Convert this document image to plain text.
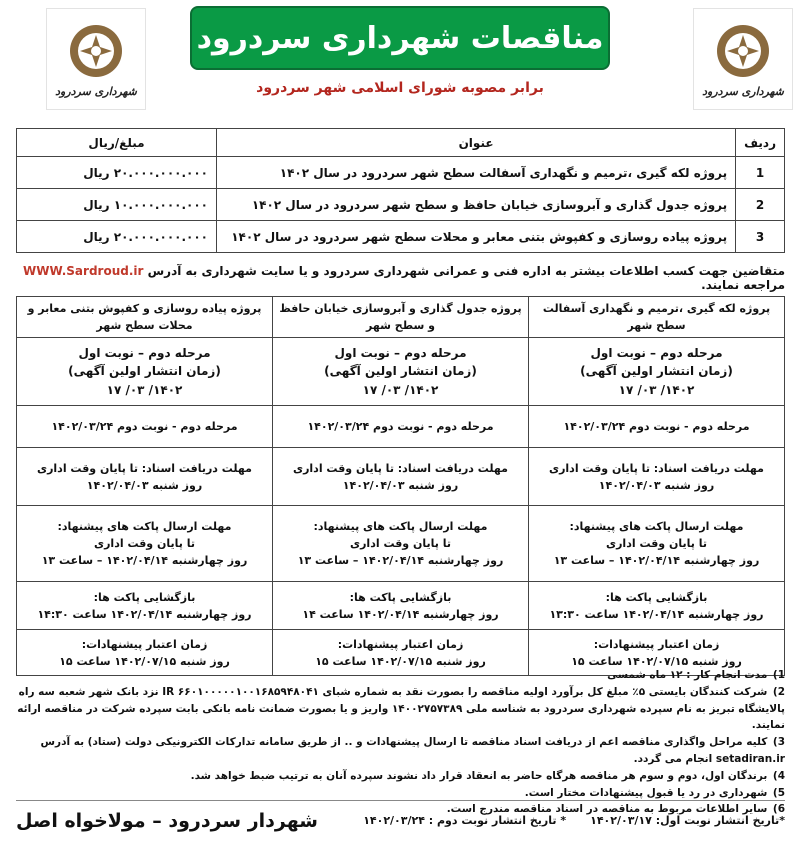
شهرداری سردرود
شهرداری سردرود
مناقصات شهرداری سردرود
برابر مصوبه شورای اسلامی شهر سردرود
ردیف	عنوان	مبلغ/ریال
1	پروژه لکه گیری ،ترمیم و نگهداری آسفالت سطح شهر سردرود در سال ۱۴۰۲	۲۰.۰۰۰.۰۰۰.۰۰۰ ریال
2	پروژه جدول گذاری و آبروسازی خیابان حافظ و سطح شهر سردرود در سال ۱۴۰۲	۱۰.۰۰۰.۰۰۰.۰۰۰ ریال
3	پروژه پیاده روسازی و کفپوش بتنی معابر و محلات سطح شهر سردرود در سال ۱۴۰۲	۲۰.۰۰۰.۰۰۰.۰۰۰ ریال
متقاضین جهت کسب اطلاعات بیشتر به اداره فنی و عمرانی شهرداری سردرود و یا سایت شهرداری به آدرس WWW.Sardroud.ir مراجعه نمایند.
پروژه لکه گیری ،ترمیم و نگهداری آسفالت سطح شهر	پروژه جدول گذاری و آبروسازی خیابان حافظ و سطح شهر	پروژه پیاده روسازی و کفپوش بتنی معابر و محلات سطح شهر

مرحله دوم – نوبت اول
(زمان انتشار اولین آگهی)
۱۴۰۲/ ۰۳/ ۱۷	مرحله دوم – نوبت اول
(زمان انتشار اولین آگهی)
۱۴۰۲/ ۰۳/ ۱۷	مرحله دوم – نوبت اول
(زمان انتشار اولین آگهی)
۱۴۰۲/ ۰۳/ ۱۷

مرحله دوم - نوبت دوم ۱۴۰۲/۰۳/۲۴	مرحله دوم - نوبت دوم ۱۴۰۲/۰۳/۲۴	مرحله دوم - نوبت دوم ۱۴۰۲/۰۳/۲۴

مهلت دریافت اسناد: تا پایان وقت اداری
روز شنبه ۱۴۰۲/۰۴/۰۳	مهلت دریافت اسناد: تا پایان وقت اداری
روز شنبه ۱۴۰۲/۰۴/۰۳	مهلت دریافت اسناد: تا پایان وقت اداری
روز شنبه ۱۴۰۲/۰۴/۰۳

مهلت ارسال پاکت های پیشنهاد:
تا پایان وقت اداری
روز چهارشنبه ۱۴۰۲/۰۴/۱۴ – ساعت ۱۳	مهلت ارسال پاکت های پیشنهاد:
تا پایان وقت اداری
روز چهارشنبه ۱۴۰۲/۰۴/۱۴ – ساعت ۱۳	مهلت ارسال پاکت های پیشنهاد:
تا پایان وقت اداری
روز چهارشنبه ۱۴۰۲/۰۴/۱۴ – ساعت ۱۳

بازگشایی پاکت ها:
روز چهارشنبه ۱۴۰۲/۰۴/۱۴ ساعت ۱۳:۳۰	بازگشایی پاکت ها:
روز چهارشنبه ۱۴۰۲/۰۴/۱۴ ساعت ۱۴	بازگشایی پاکت ها:
روز چهارشنبه ۱۴۰۲/۰۴/۱۴ ساعت ۱۴:۳۰

زمان اعتبار پیشنهادات:
روز شنبه ۱۴۰۲/۰۷/۱۵ ساعت ۱۵	زمان اعتبار پیشنهادات:
روز شنبه ۱۴۰۲/۰۷/۱۵ ساعت ۱۵	زمان اعتبار پیشنهادات:
روز شنبه ۱۴۰۲/۰۷/۱۵ ساعت ۱۵
1) مدت انجام کار : ۱۲ ماه شمسی
2) شرکت کنندگان بایستی ۵٪ مبلغ کل برآورد اولیه مناقصه را بصورت نقد به شماره شبای IR ۶۶۰۱۰۰۰۰۰۱۰۰۱۶۸۵۹۴۸۰۴۱ نزد بانک شهر شعبه سه راه پالایشگاه تبریز به نام سپرده شهرداری سردرود به شناسه ملی ۱۴۰۰۲۷۵۷۳۸۹ واریز و یا بصورت ضمانت نامه بانکی بابت سپرده شرکت در مناقصه ارائه نمایند.
3) کلیه مراحل واگذاری مناقصه اعم از دریافت اسناد مناقصه تا ارسال پیشنهادات و .. از طریق سامانه تدارکات الکترونیکی دولت (ستاد) به آدرس setadiran.ir انجام می گردد.
4) برندگان اول، دوم و سوم هر مناقصه هرگاه حاضر به انعقاد قرار داد نشوند سپرده آنان به ترتیب ضبط خواهد شد.
5) شهرداری در رد یا قبول پیشنهادات مختار است.
6) سایر اطلاعات مربوط به مناقصه در اسناد مناقصه مندرج است.
*تاریخ انتشار نوبت اول: ۱۴۰۲/۰۳/۱۷
* تاریخ انتشار نوبت دوم : ۱۴۰۲/۰۳/۲۴
شهردار سردرود – مولاخواه اصل
